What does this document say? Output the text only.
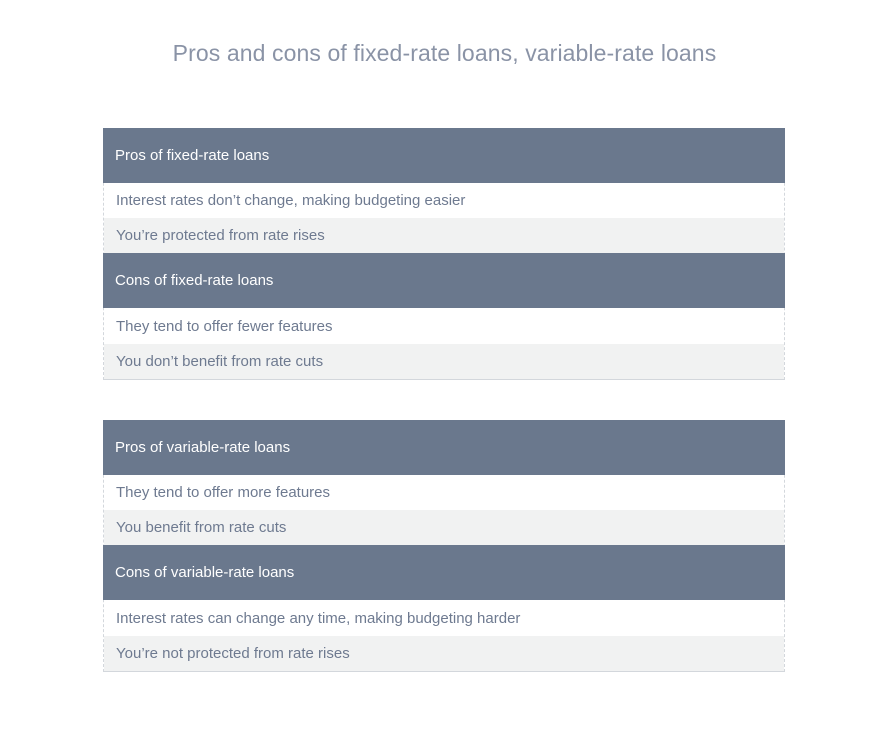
Pros and cons of fixed-rate loans, variable-rate loans
Pros of fixed-rate loans
Interest rates don’t change, making budgeting easier
You’re protected from rate rises
Cons of fixed-rate loans
They tend to offer fewer features
You don’t benefit from rate cuts
Pros of variable-rate loans
They tend to offer more features
You benefit from rate cuts
Cons of variable-rate loans
Interest rates can change any time, making budgeting harder
You’re not protected from rate rises
